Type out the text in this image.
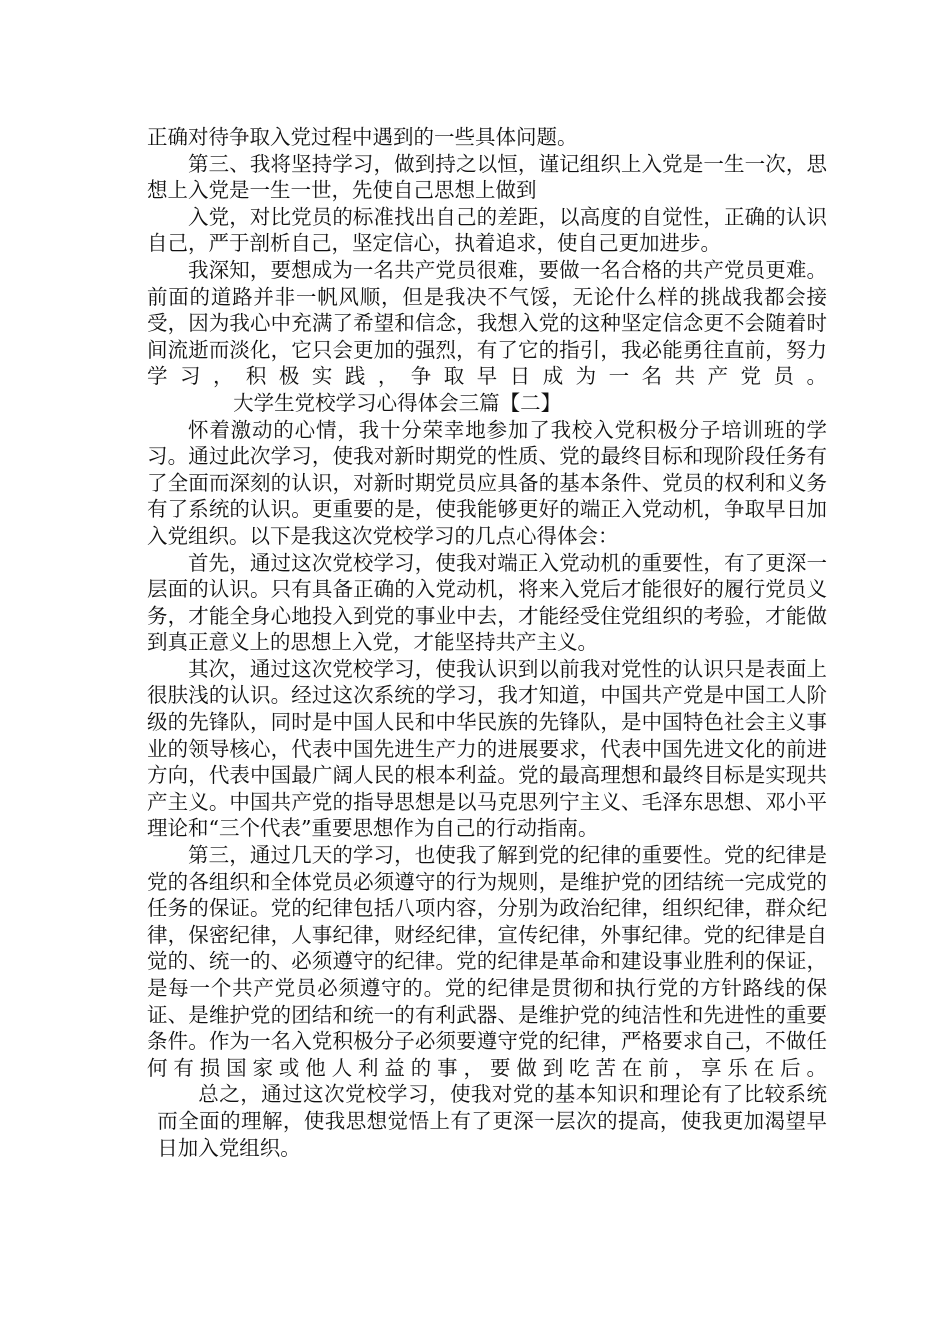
正确对待争取入党过程中遇到的一些具体问题。

第三、我将坚持学习，做到持之以恒，谨记组织上入党是一生一次，思想上入党是一生一世，先使自己思想上做到

入党，对比党员的标准找出自己的差距，以高度的自觉性，正确的认识自己，严于剖析自己，坚定信心，执着追求，使自己更加进步。

我深知，要想成为一名共产党员很难，要做一名合格的共产党员更难。前面的道路并非一帆风顺，但是我决不气馁，无论什么样的挑战我都会接受，因为我心中充满了希望和信念，我想入党的这种坚定信念更不会随着时间流逝而淡化，它只会更加的强烈，有了它的指引，我必能勇往直前，努力学习，积极实践，争取早日成为一名共产党员。大学生党校学习心得体会三篇【二】

怀着激动的心情，我十分荣幸地参加了我校入党积极分子培训班的学习。通过此次学习，使我对新时期党的性质、党的最终目标和现阶段任务有了全面而深刻的认识，对新时期党员应具备的基本条件、党员的权利和义务有了系统的认识。更重要的是，使我能够更好的端正入党动机，争取早日加入党组织。以下是我这次党校学习的几点心得体会：

首先，通过这次党校学习，使我对端正入党动机的重要性，有了更深一层面的认识。只有具备正确的入党动机，将来入党后才能很好的履行党员义务，才能全身心地投入到党的事业中去，才能经受住党组织的考验，才能做到真正意义上的思想上入党，才能坚持共产主义。

其次，通过这次党校学习，使我认识到以前我对党性的认识只是表面上很肤浅的认识。经过这次系统的学习，我才知道，中国共产党是中国工人阶级的先锋队，同时是中国人民和中华民族的先锋队，是中国特色社会主义事业的领导核心，代表中国先进生产力的进展要求，代表中国先进文化的前进方向，代表中国最广阔人民的根本利益。党的最高理想和最终目标是实现共产主义。中国共产党的指导思想是以马克思列宁主义、毛泽东思想、邓小平理论和“三个代表”重要思想作为自己的行动指南。

第三，通过几天的学习，也使我了解到党的纪律的重要性。党的纪律是党的各组织和全体党员必须遵守的行为规则，是维护党的团结统一完成党的任务的保证。党的纪律包括八项内容，分别为政治纪律，组织纪律，群众纪律，保密纪律，人事纪律，财经纪律，宣传纪律，外事纪律。党的纪律是自觉的、统一的、必须遵守的纪律。党的纪律是革命和建设事业胜利的保证，是每一个共产党员必须遵守的。党的纪律是贯彻和执行党的方针路线的保证、是维护党的团结和统一的有利武器、是维护党的纯洁性和先进性的重要条件。作为一名入党积极分子必须要遵守党的纪律，严格要求自己，不做任何有损国家或他人利益的事，要做到吃苦在前，享乐在后。总之，通过这次党校学习，使我对党的基本知识和理论有了比较系统而全面的理解，使我思想觉悟上有了更深一层次的提高，使我更加渴望早日加入党组织。
